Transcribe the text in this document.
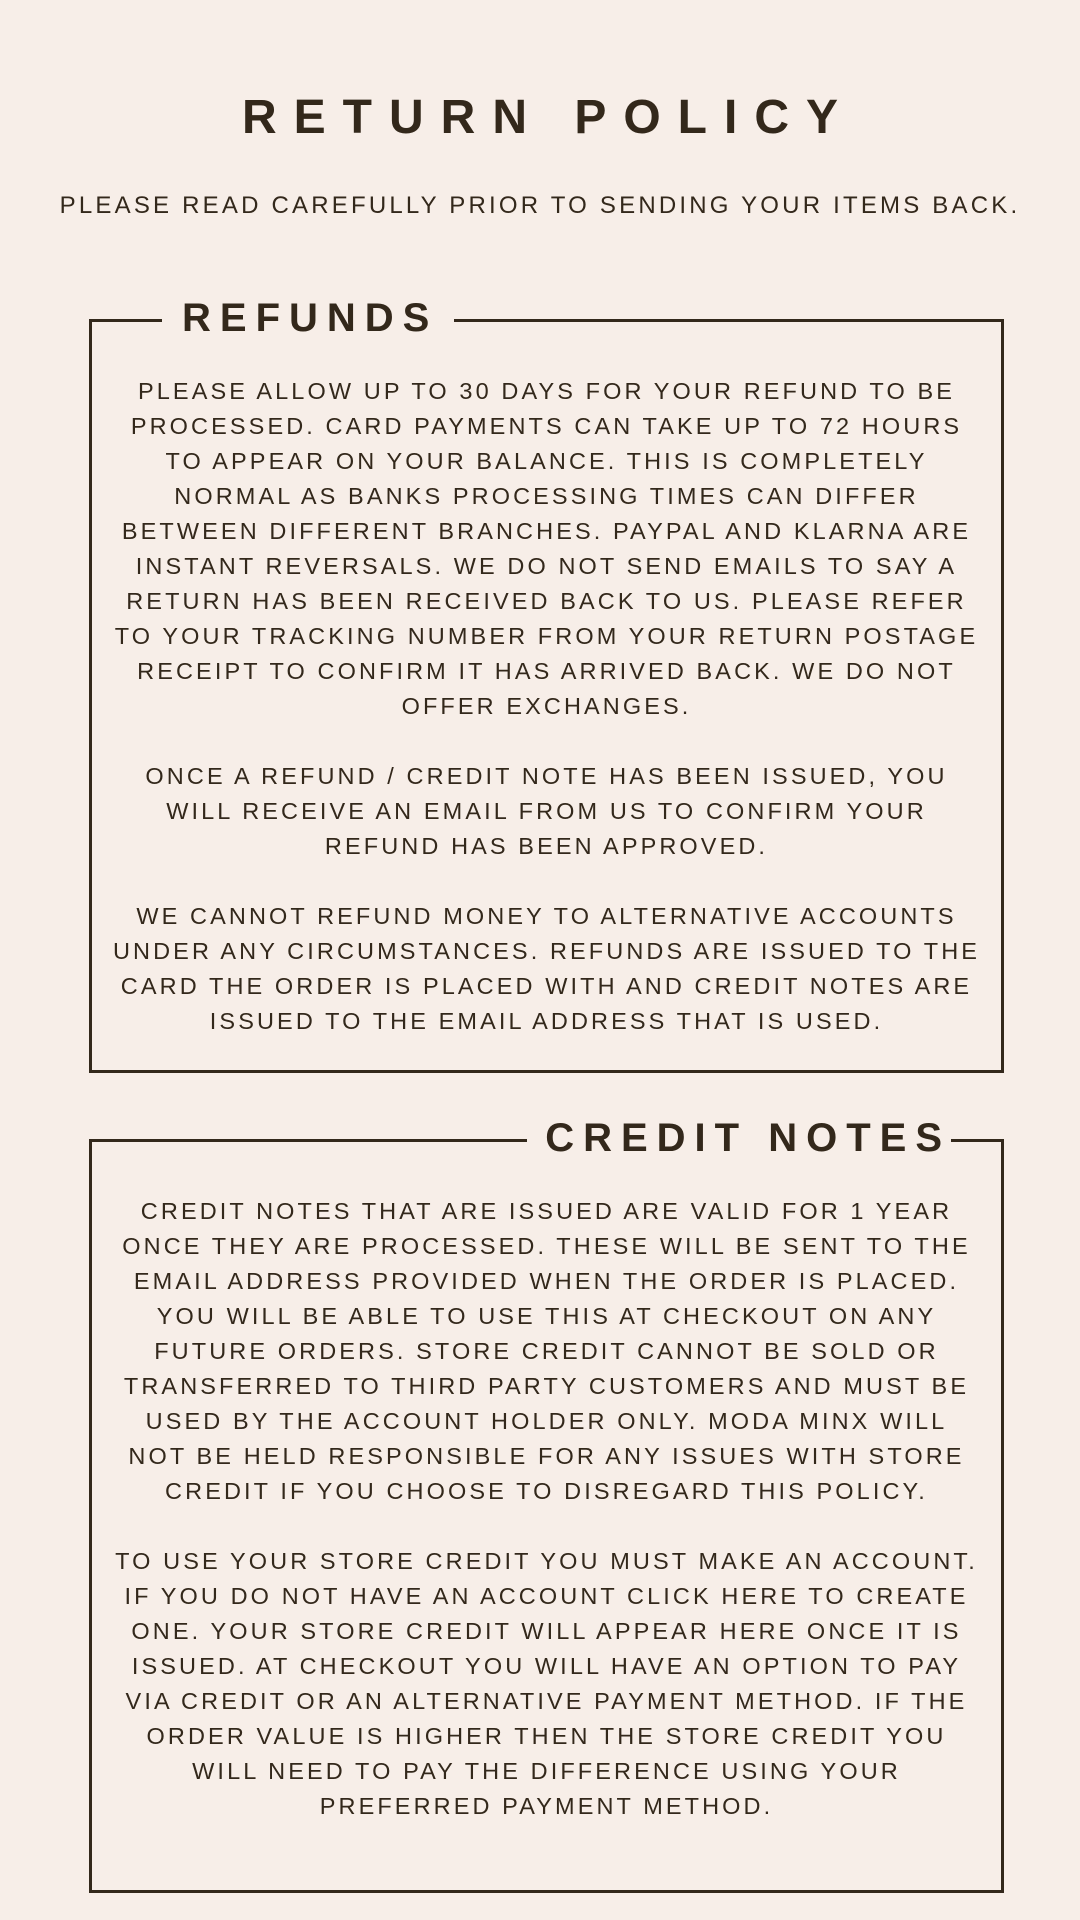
RETURN POLICY

PLEASE READ CAREFULLY PRIOR TO SENDING YOUR ITEMS BACK.

REFUNDS

PLEASE ALLOW UP TO 30 DAYS FOR YOUR REFUND TO BE PROCESSED. CARD PAYMENTS CAN TAKE UP TO 72 HOURS TO APPEAR ON YOUR BALANCE. THIS IS COMPLETELY NORMAL AS BANKS PROCESSING TIMES CAN DIFFER BETWEEN DIFFERENT BRANCHES. PAYPAL AND KLARNA ARE INSTANT REVERSALS. WE DO NOT SEND EMAILS TO SAY A RETURN HAS BEEN RECEIVED BACK TO US. PLEASE REFER TO YOUR TRACKING NUMBER FROM YOUR RETURN POSTAGE RECEIPT TO CONFIRM IT HAS ARRIVED BACK. WE DO NOT OFFER EXCHANGES.

ONCE A REFUND / CREDIT NOTE HAS BEEN ISSUED, YOU WILL RECEIVE AN EMAIL FROM US TO CONFIRM YOUR REFUND HAS BEEN APPROVED.

WE CANNOT REFUND MONEY TO ALTERNATIVE ACCOUNTS UNDER ANY CIRCUMSTANCES. REFUNDS ARE ISSUED TO THE CARD THE ORDER IS PLACED WITH AND CREDIT NOTES ARE ISSUED TO THE EMAIL ADDRESS THAT IS USED.

CREDIT NOTES

CREDIT NOTES THAT ARE ISSUED ARE VALID FOR 1 YEAR ONCE THEY ARE PROCESSED. THESE WILL BE SENT TO THE EMAIL ADDRESS PROVIDED WHEN THE ORDER IS PLACED. YOU WILL BE ABLE TO USE THIS AT CHECKOUT ON ANY FUTURE ORDERS. STORE CREDIT CANNOT BE SOLD OR TRANSFERRED TO THIRD PARTY CUSTOMERS AND MUST BE USED BY THE ACCOUNT HOLDER ONLY. MODA MINX WILL NOT BE HELD RESPONSIBLE FOR ANY ISSUES WITH STORE CREDIT IF YOU CHOOSE TO DISREGARD THIS POLICY.

TO USE YOUR STORE CREDIT YOU MUST MAKE AN ACCOUNT. IF YOU DO NOT HAVE AN ACCOUNT CLICK HERE TO CREATE ONE. YOUR STORE CREDIT WILL APPEAR HERE ONCE IT IS ISSUED. AT CHECKOUT YOU WILL HAVE AN OPTION TO PAY VIA CREDIT OR AN ALTERNATIVE PAYMENT METHOD. IF THE ORDER VALUE IS HIGHER THEN THE STORE CREDIT YOU WILL NEED TO PAY THE DIFFERENCE USING YOUR PREFERRED PAYMENT METHOD.
